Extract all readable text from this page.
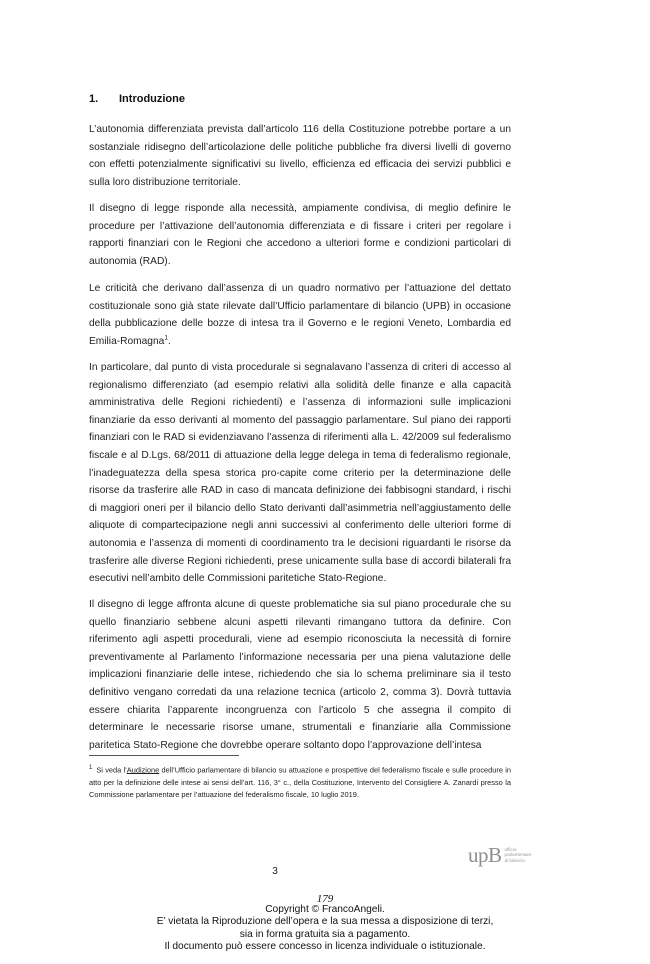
1. Introduzione

L’autonomia differenziata prevista dall’articolo 116 della Costituzione potrebbe portare a un sostanziale ridisegno dell’articolazione delle politiche pubbliche fra diversi livelli di governo con effetti potenzialmente significativi su livello, efficienza ed efficacia dei servizi pubblici e sulla loro distribuzione territoriale.

Il disegno di legge risponde alla necessità, ampiamente condivisa, di meglio definire le procedure per l’attivazione dell’autonomia differenziata e di fissare i criteri per regolare i rapporti finanziari con le Regioni che accedono a ulteriori forme e condizioni particolari di autonomia (RAD).

Le criticità che derivano dall’assenza di un quadro normativo per l’attuazione del dettato costituzionale sono già state rilevate dall’Ufficio parlamentare di bilancio (UPB) in occasione della pubblicazione delle bozze di intesa tra il Governo e le regioni Veneto, Lombardia ed Emilia-Romagna$^1$.

In particolare, dal punto di vista procedurale si segnalavano l’assenza di criteri di accesso al regionalismo differenziato (ad esempio relativi alla solidità delle finanze e alla capacità amministrativa delle Regioni richiedenti) e l’assenza di informazioni sulle implicazioni finanziarie da esso derivanti al momento del passaggio parlamentare. Sul piano dei rapporti finanziari con le RAD si evidenziavano l’assenza di riferimenti alla L. 42/2009 sul federalismo fiscale e al D.Lgs. 68/2011 di attuazione della legge delega in tema di federalismo regionale, l’inadeguatezza della spesa storica pro-capite come criterio per la determinazione delle risorse da trasferire alle RAD in caso di mancata definizione dei fabbisogni standard, i rischi di maggiori oneri per il bilancio dello Stato derivanti dall’asimmetria nell’aggiustamento delle aliquote di compartecipazione negli anni successivi al conferimento delle ulteriori forme di autonomia e l’assenza di momenti di coordinamento tra le decisioni riguardanti le risorse da trasferire alle diverse Regioni richiedenti, prese unicamente sulla base di accordi bilaterali fra esecutivi nell’ambito delle Commissioni paritetiche Stato-Regione.

Il disegno di legge affronta alcune di queste problematiche sia sul piano procedurale che su quello finanziario sebbene alcuni aspetti rilevanti rimangano tuttora da definire. Con riferimento agli aspetti procedurali, viene ad esempio riconosciuta la necessità di fornire preventivamente al Parlamento l’informazione necessaria per una piena valutazione delle implicazioni finanziarie delle intese, richiedendo che sia lo schema preliminare sia il testo definitivo vengano corredati da una relazione tecnica (articolo 2, comma 3). Dovrà tuttavia essere chiarita l’apparente incongruenza con l’articolo 5 che assegna il compito di determinare le necessarie risorse umane, strumentali e finanziarie alla Commissione paritetica Stato-Regione che dovrebbe operare soltanto dopo l’approvazione dell’intesa

$^1$ Si veda l’Audizione dell’Ufficio parlamentare di bilancio su attuazione e prospettive del federalismo fiscale e sulle procedure in atto per la definizione delle intese ai sensi dell’art. 116, 3° c., della Costituzione, Intervento del Consigliere A. Zanardi presso la Commissione parlamentare per l’attuazione del federalismo fiscale, 10 luglio 2019.

3
upB ufficio
parlamentare
di bilancio
179
Copyright © FrancoAngeli.
E’ vietata la Riproduzione dell’opera e la sua messa a disposizione di terzi,
sia in forma gratuita sia a pagamento.
Il documento può essere concesso in licenza individuale o istituzionale.
